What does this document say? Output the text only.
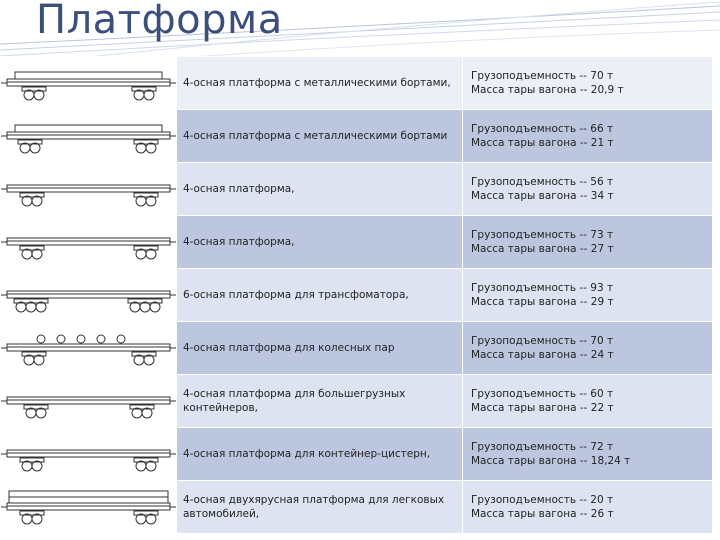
Платформа
	4-осная платформа с металлическими бортами,	Грузоподъемность -- 70 т
Масса тары вагона -- 20,9 т

	4-осная платформа с металлическими бортами	Грузоподъемность -- 66 т
Масса тары вагона -- 21 т

	4-осная платформа,	Грузоподъемность -- 56 т
Масса тары вагона -- 34 т

	4-осная платформа,	Грузоподъемность -- 73 т
Масса тары вагона -- 27 т

	6-осная платформа для трансфоматора,	Грузоподъемность -- 93 т
Масса тары вагона -- 29 т

	4-осная платформа для колесных пар	Грузоподъемность -- 70 т
Масса тары вагона -- 24 т

	4-осная платформа для большегрузных контейнеров,	Грузоподъемность -- 60 т
Масса тары вагона -- 22 т

	4-осная платформа для контейнер-цистерн,	Грузоподъемность -- 72 т
Масса тары вагона -- 18,24 т

	4-осная двухярусная платформа для легковых автомобилей,	Грузоподъемность -- 20 т
Масса тары вагона -- 26 т
